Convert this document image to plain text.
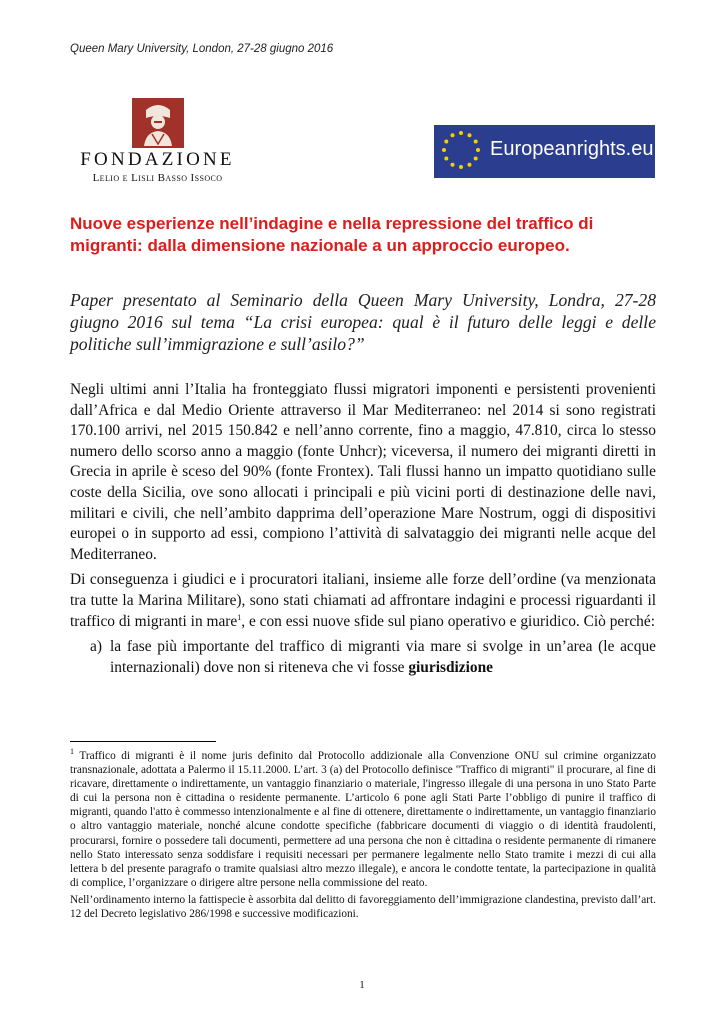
Queen Mary University, London, 27-28 giugno 2016
FONDAZIONE
Lelio e Lisli Basso Issoco
Europeanrights.eu
Nuove esperienze nell’indagine e nella repressione del traffico di migranti: dalla dimensione nazionale a un approccio europeo.
Paper presentato al Seminario della Queen Mary University, Londra, 27-28 giugno 2016 sul tema “La crisi europea: qual è il futuro delle leggi e delle politiche sull’immigrazione e sull’asilo?”

Negli ultimi anni l’Italia ha fronteggiato flussi migratori imponenti e persistenti provenienti dall’Africa e dal Medio Oriente attraverso il Mar Mediterraneo: nel 2014 si sono registrati 170.100 arrivi, nel 2015 150.842 e nell’anno corrente, fino a maggio, 47.810, circa lo stesso numero dello scorso anno a maggio (fonte Unhcr); viceversa, il numero dei migranti diretti in Grecia in aprile è sceso del 90% (fonte Frontex). Tali flussi hanno un impatto quotidiano sulle coste della Sicilia, ove sono allocati i principali e più vicini porti di destinazione delle navi, militari e civili, che nell’ambito dapprima dell’operazione Mare Nostrum, oggi di dispositivi europei o in supporto ad essi, compiono l’attività di salvataggio dei migranti nelle acque del Mediterraneo.

Di conseguenza i giudici e i procuratori italiani, insieme alle forze dell’ordine (va menzionata tra tutte la Marina Militare), sono stati chiamati ad affrontare indagini e processi riguardanti il traffico di migranti in mare$^1$, e con essi nuove sfide sul piano operativo e giuridico. Ciò perché:

a) la fase più importante del traffico di migranti via mare si svolge in un’area (le acque internazionali) dove non si riteneva che vi fosse giurisdizione

$^1$ Traffico di migranti è il nome juris definito dal Protocollo addizionale alla Convenzione ONU sul crimine organizzato transnazionale, adottata a Palermo il 15.11.2000. L’art. 3 (a) del Protocollo definisce "Traffico di migranti" il procurare, al fine di ricavare, direttamente o indirettamente, un vantaggio finanziario o materiale, l'ingresso illegale di una persona in uno Stato Parte di cui la persona non è cittadina o residente permanente. L’articolo 6 pone agli Stati Parte l’obbligo di punire il traffico di migranti, quando l'atto è commesso intenzionalmente e al fine di ottenere, direttamente o indirettamente, un vantaggio finanziario o altro vantaggio materiale, nonché alcune condotte specifiche (fabbricare documenti di viaggio o di identità fraudolenti, procurarsi, fornire o possedere tali documenti, permettere ad una persona che non è cittadina o residente permanente di rimanere nello Stato interessato senza soddisfare i requisiti necessari per permanere legalmente nello Stato tramite i mezzi di cui alla lettera b del presente paragrafo o tramite qualsiasi altro mezzo illegale), e ancora le condotte tentate, la partecipazione in qualità di complice, l’organizzare o dirigere altre persone nella commissione del reato.

Nell’ordinamento interno la fattispecie è assorbita dal delitto di favoreggiamento dell’immigrazione clandestina, previsto dall’art. 12 del Decreto legislativo 286/1998 e successive modificazioni.

1
